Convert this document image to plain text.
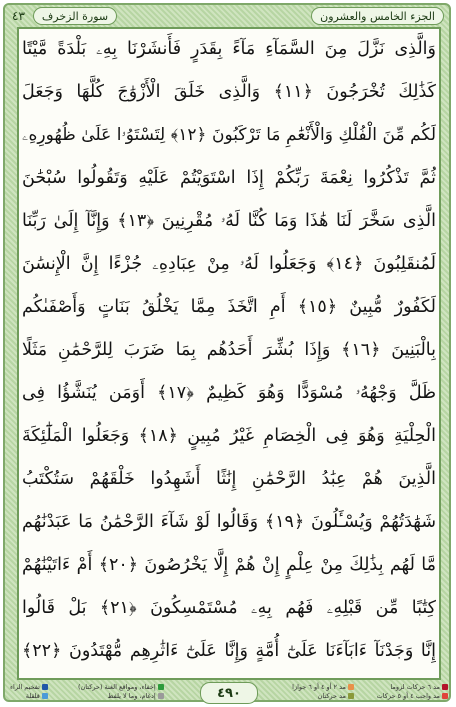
٤٣	سورة الزخرف	الجزء الخامس والعشرون
وَالَّذِى نَزَّلَ مِنَ السَّمَآءِ مَآءً بِقَدَرٍ فَأَنشَرْنَا بِهِۦ بَلْدَةً مَّيْتًا
كَذَٰلِكَ تُخْرَجُونَ ﴿١١﴾ وَالَّذِى خَلَقَ الْأَزْوَٰجَ كُلَّهَا وَجَعَلَ
لَكُم مِّنَ الْفُلْكِ وَالْأَنْعَٰمِ مَا تَرْكَبُونَ ﴿١٢﴾ لِتَسْتَوُۥا عَلَىٰ ظُهُورِهِۦ
ثُمَّ تَذْكُرُوا نِعْمَةَ رَبِّكُمْ إِذَا اسْتَوَيْتُمْ عَلَيْهِ وَتَقُولُوا سُبْحَٰنَ
الَّذِى سَخَّرَ لَنَا هَٰذَا وَمَا كُنَّا لَهُۥ مُقْرِنِينَ ﴿١٣﴾ وَإِنَّآ إِلَىٰ رَبِّنَا
لَمُنقَلِبُونَ ﴿١٤﴾ وَجَعَلُوا لَهُۥ مِنْ عِبَادِهِۦ جُزْءًا إِنَّ الْإِنسَٰنَ
لَكَفُورٌ مُّبِينٌ ﴿١٥﴾ أَمِ اتَّخَذَ مِمَّا يَخْلُقُ بَنَاتٍ وَأَصْفَىٰكُم
بِالْبَنِينَ ﴿١٦﴾ وَإِذَا بُشِّرَ أَحَدُهُم بِمَا ضَرَبَ لِلرَّحْمَٰنِ مَثَلًا
ظَلَّ وَجْهُهُۥ مُسْوَدًّا وَهُوَ كَظِيمٌ ﴿١٧﴾ أَوَمَن يُنَشَّؤُا فِى
الْحِلْيَةِ وَهُوَ فِى الْخِصَامِ غَيْرُ مُبِينٍ ﴿١٨﴾ وَجَعَلُوا الْمَلَٰٓئِكَةَ
الَّذِينَ هُمْ عِبَٰدُ الرَّحْمَٰنِ إِنَٰثًا أَشَهِدُوا خَلْقَهُمْ سَتُكْتَبُ
شَهَٰدَتُهُمْ وَيُسْـَٔلُونَ ﴿١٩﴾ وَقَالُوا لَوْ شَآءَ الرَّحْمَٰنُ مَا عَبَدْنَٰهُم
مَّا لَهُم بِذَٰلِكَ مِنْ عِلْمٍ إِنْ هُمْ إِلَّا يَخْرُصُونَ ﴿٢٠﴾ أَمْ ءَاتَيْنَٰهُمْ
كِتَٰبًا مِّن قَبْلِهِۦ فَهُم بِهِۦ مُسْتَمْسِكُونَ ﴿٢١﴾ بَلْ قَالُوا
إِنَّا وَجَدْنَآ ءَابَآءَنَا عَلَىٰٓ أُمَّةٍ وَإِنَّا عَلَىٰٓ ءَاثَٰرِهِم مُّهْتَدُونَ ﴿٢٢﴾
مد ٦ حركات لزوما
مد واجب ٤ أو ٥ حركات
مد ٢ أو ٤ أو ٦ جوازا
مد حركتان
٤٩٠
إخفاء، ومواقع الغنة (حركتان)
إدغام، وما لا يلفظ
تفخيم الراء
قلقلة
